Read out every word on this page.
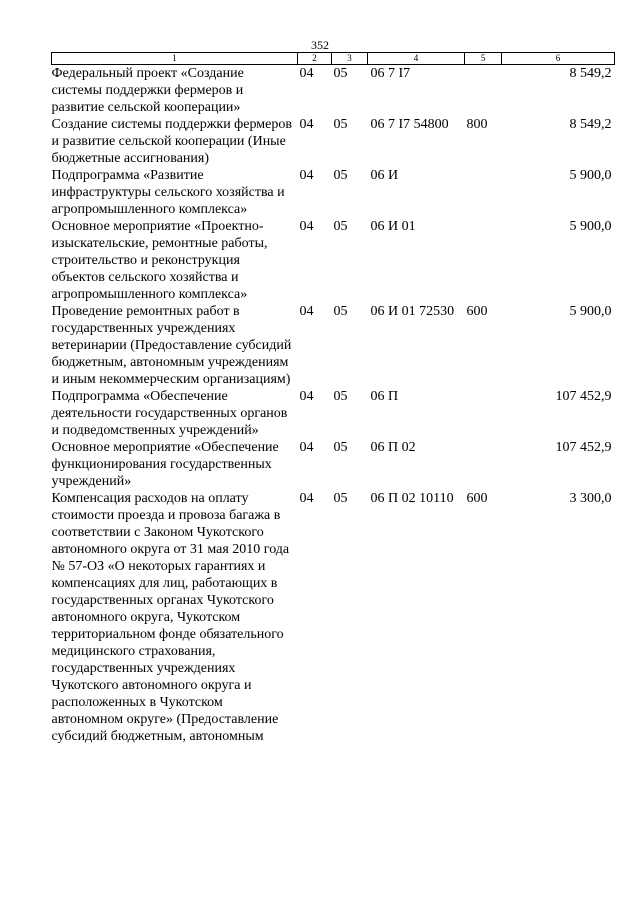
352
1	2	3	4	5	6
Федеральный проект «Создание системы поддержки фермеров и развитие сельской кооперации»	04	05	06 7 I7		8 549,2
Создание системы поддержки фермеров и развитие сельской кооперации (Иные бюджетные ассигнования)	04	05	06 7 I7 54800	800	8 549,2
Подпрограмма «Развитие инфраструктуры сельского хозяйства и агропромышленного комплекса»	04	05	06 И		5 900,0
Основное мероприятие «Проектно-изыскательские, ремонтные работы, строительство и реконструкция объектов сельского хозяйства и агропромышленного комплекса»	04	05	06 И 01		5 900,0
Проведение ремонтных работ в государственных учреждениях ветеринарии (Предоставление субсидий бюджетным, автономным учреждениям и иным некоммерческим организациям)	04	05	06 И 01 72530	600	5 900,0
Подпрограмма «Обеспечение деятельности государственных органов и подведомственных учреждений»	04	05	06 П		107 452,9
Основное мероприятие «Обеспечение функционирования государственных учреждений»	04	05	06 П 02		107 452,9
Компенсация расходов на оплату стоимости проезда и провоза багажа в соответствии с Законом Чукотского автономного округа от 31 мая 2010 года № 57-ОЗ «О некоторых гарантиях и компенсациях для лиц, работающих в государственных органах Чукотского автономного округа, Чукотском территориальном фонде обязательного медицинского страхования, государственных учреждениях Чукотского автономного округа и расположенных в Чукотском автономном округе» (Предоставление субсидий бюджетным, автономным	04	05	06 П 02 10110	600	3 300,0
